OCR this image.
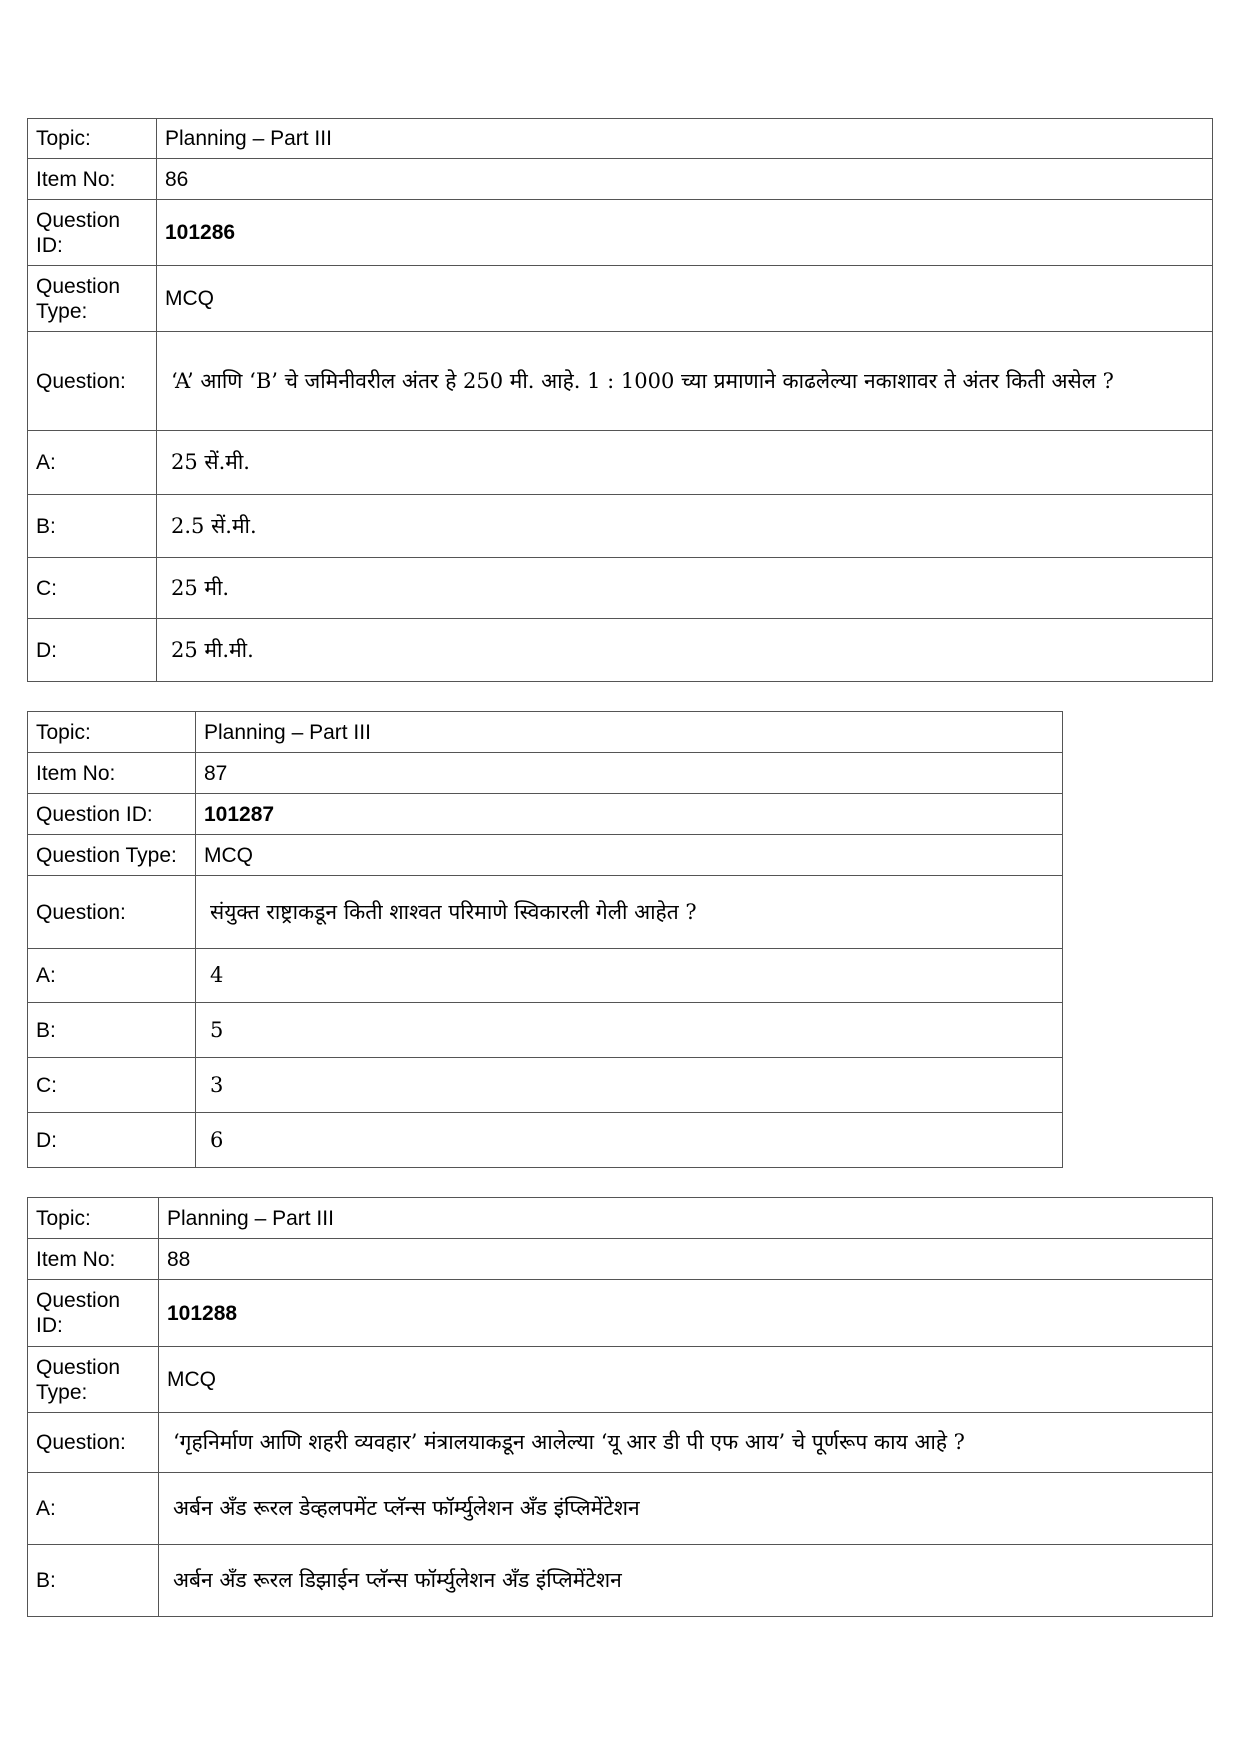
Topic:	Planning – Part III
Item No:	86
Question ID:	101286
Question Type:	MCQ
Question:	‘A’ आणि ‘B’ चे जमिनीवरील अंतर हे 250 मी. आहे. 1 : 1000 च्या प्रमाणाने काढलेल्या नकाशावर ते अंतर किती असेल ?
A:	25 सें.मी.
B:	2.5 सें.मी.
C:	25 मी.
D:	25 मी.मी.
Topic:	Planning – Part III
Item No:	87
Question ID:	101287
Question Type:	MCQ
Question:	संयुक्त राष्ट्राकडून किती शाश्वत परिमाणे स्विकारली गेली आहेत ?
A:	4
B:	5
C:	3
D:	6
Topic:	Planning – Part III
Item No:	88
Question ID:	101288
Question Type:	MCQ
Question:	‘गृहनिर्माण आणि शहरी व्यवहार’ मंत्रालयाकडून आलेल्या ‘यू आर डी पी एफ आय’ चे पूर्णरूप काय आहे ?
A:	अर्बन अँड रूरल डेव्हलपमेंट प्लॅन्स फॉर्म्युलेशन अँड इंप्लिमेंटेशन
B:	अर्बन अँड रूरल डिझाईन प्लॅन्स फॉर्म्युलेशन अँड इंप्लिमेंटेशन
